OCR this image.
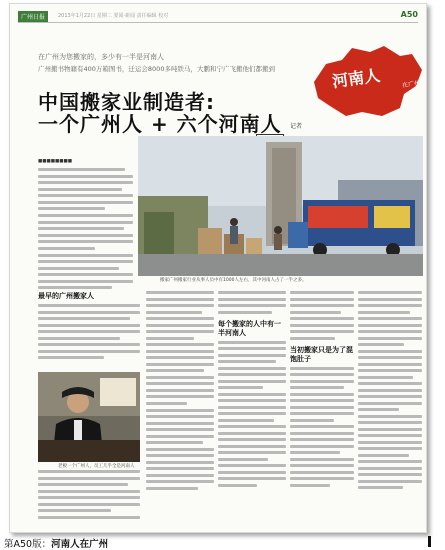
广州日报	2013年1月22日 星期二 要闻·新闻 责任编辑 校对	A50
在广州为您搬家的，多少有一半是河南人
广州搬书物籍有400万箱图书，迁运会8000多吨铁马，大鹏和宁广飞搬他们都搬到
中国搬家业制造者:
一个广州人 + 六个河南人
河南人	在广州
记者
■■■■■■■■
搬家广州搬家行业从事人员中有1000人左右，其中河南人占了一半之多。
最早的广州搬家人
老板一个广州人，员工几乎全是河南人
每个搬家的人中有一半河南人
当初搬家只是为了混饱肚子
第A50版：河南人在广州
